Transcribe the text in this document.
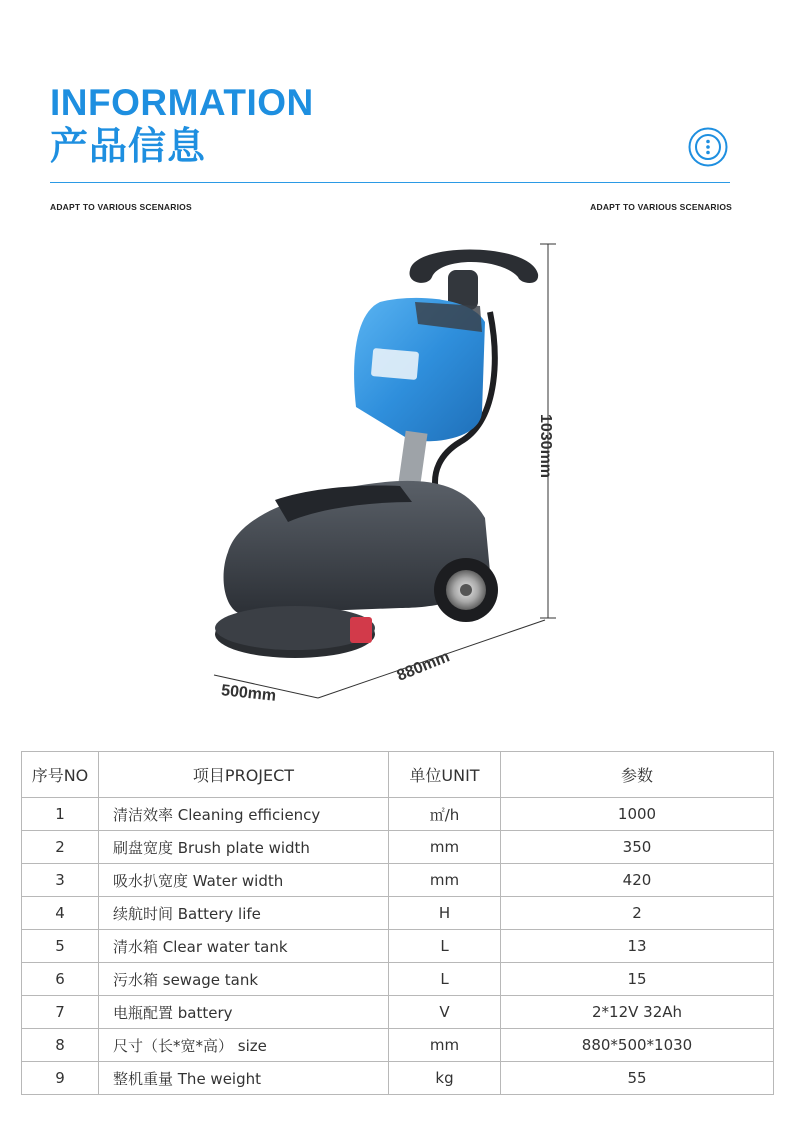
INFORMATION
产品信息
ADAPT TO VARIOUS SCENARIOS	ADAPT TO VARIOUS SCENARIOS
1030mm
880mm
500mm
序号NO	项目PROJECT	单位UNIT	参数
1	清洁效率 Cleaning efficiency	㎡/h	1000
2	刷盘宽度 Brush plate width	mm	350
3	吸水扒宽度 Water width	mm	420
4	续航时间 Battery life	H	2
5	清水箱 Clear water tank	L	13
6	污水箱 sewage tank	L	15
7	电瓶配置 battery	V	2*12V 32Ah
8	尺寸（长*宽*高） size	mm	880*500*1030
9	整机重量 The weight	kg	55
